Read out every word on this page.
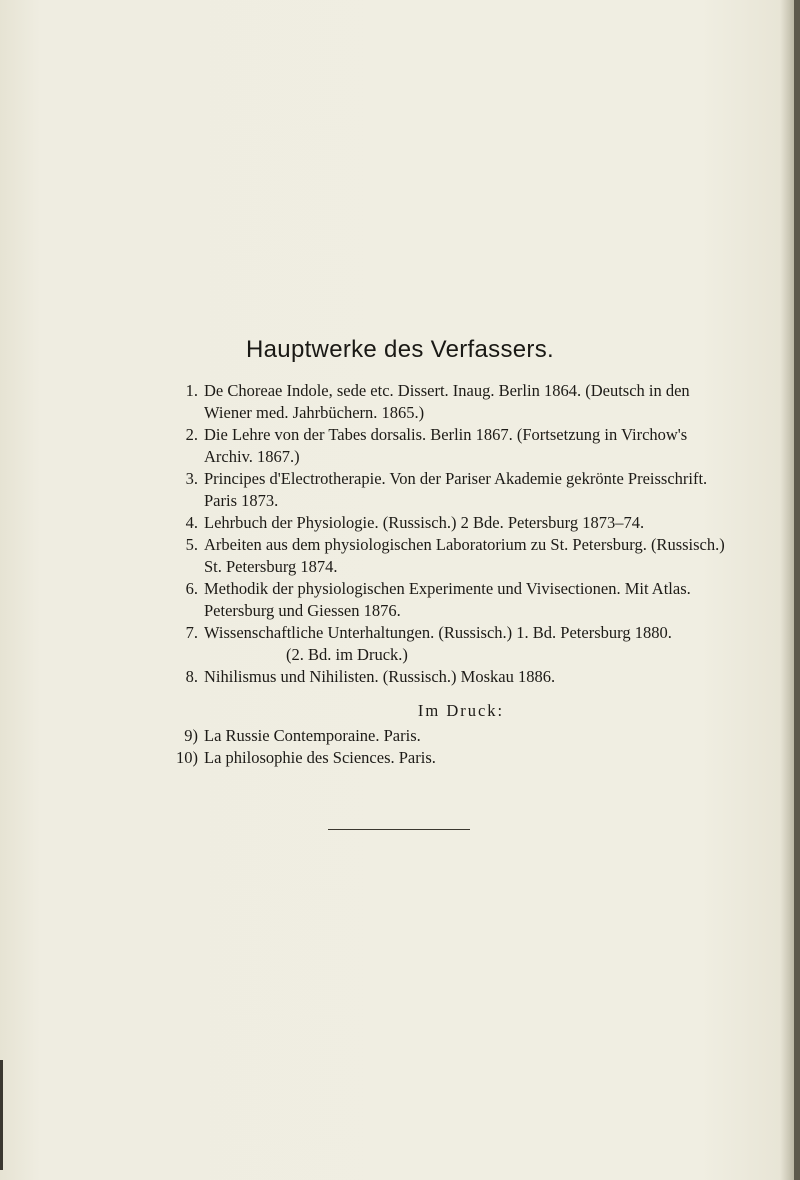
Hauptwerke des Verfassers.
1. De Choreae Indole, sede etc. Dissert. Inaug. Berlin 1864. (Deutsch in den
Wiener med. Jahrbüchern. 1865.)
2. Die Lehre von der Tabes dorsalis. Berlin 1867. (Fortsetzung in Virchow's
Archiv. 1867.)
3. Principes d'Electrotherapie. Von der Pariser Akademie gekrönte Preisschrift.
Paris 1873.
4. Lehrbuch der Physiologie. (Russisch.) 2 Bde. Petersburg 1873–74.
5. Arbeiten aus dem physiologischen Laboratorium zu St. Petersburg. (Russisch.)
St. Petersburg 1874.
6. Methodik der physiologischen Experimente und Vivisectionen. Mit Atlas.
Petersburg und Giessen 1876.
7. Wissenschaftliche Unterhaltungen. (Russisch.) 1. Bd. Petersburg 1880.
(2. Bd. im Druck.)
8. Nihilismus und Nihilisten. (Russisch.) Moskau 1886.
Im Druck:
9) La Russie Contemporaine. Paris.
10) La philosophie des Sciences. Paris.
